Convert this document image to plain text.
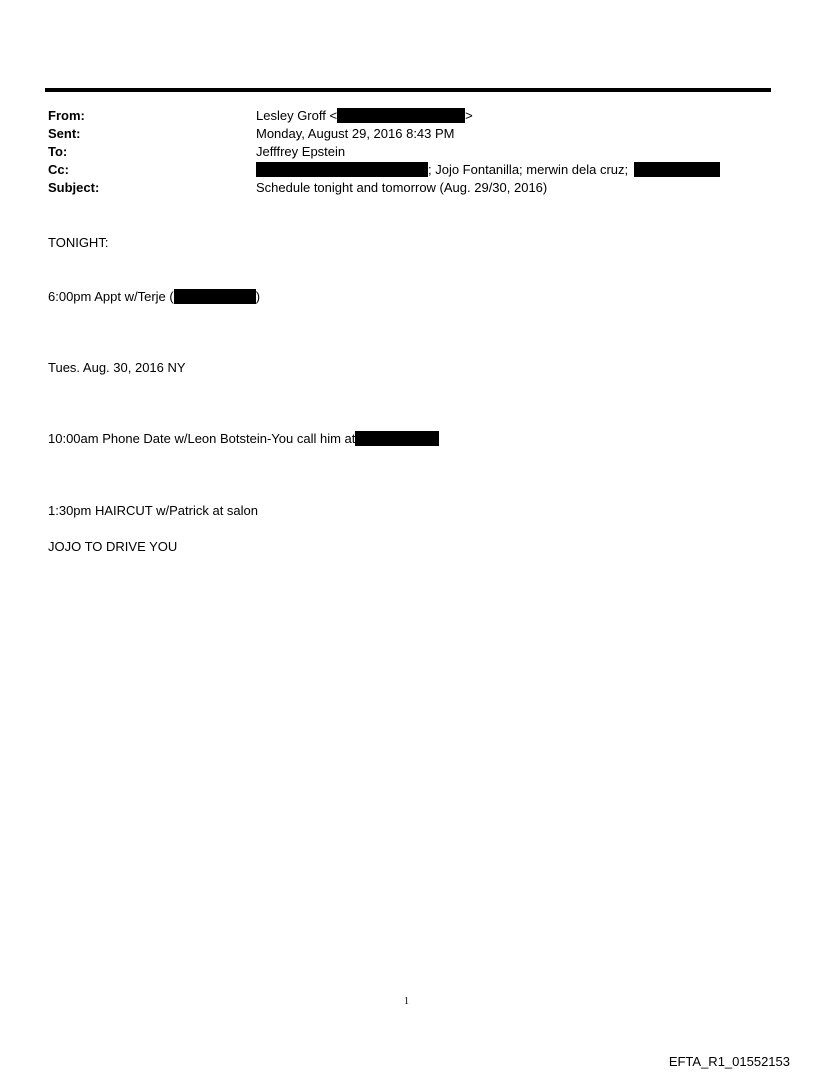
From:
Sent:
To:
Cc:
Subject:
Lesley Groff <	>
Monday, August 29, 2016 8:43 PM
Jefffrey Epstein
; Jojo Fontanilla; merwin dela cruz;
Schedule tonight and tomorrow (Aug. 29/30, 2016)
TONIGHT:
6:00pm Appt w/Terje (	)
Tues. Aug. 30, 2016 NY
10:00am Phone Date w/Leon Botstein-You call him at
1:30pm HAIRCUT w/Patrick at salon
JOJO TO DRIVE YOU
1
EFTA_R1_01552153
